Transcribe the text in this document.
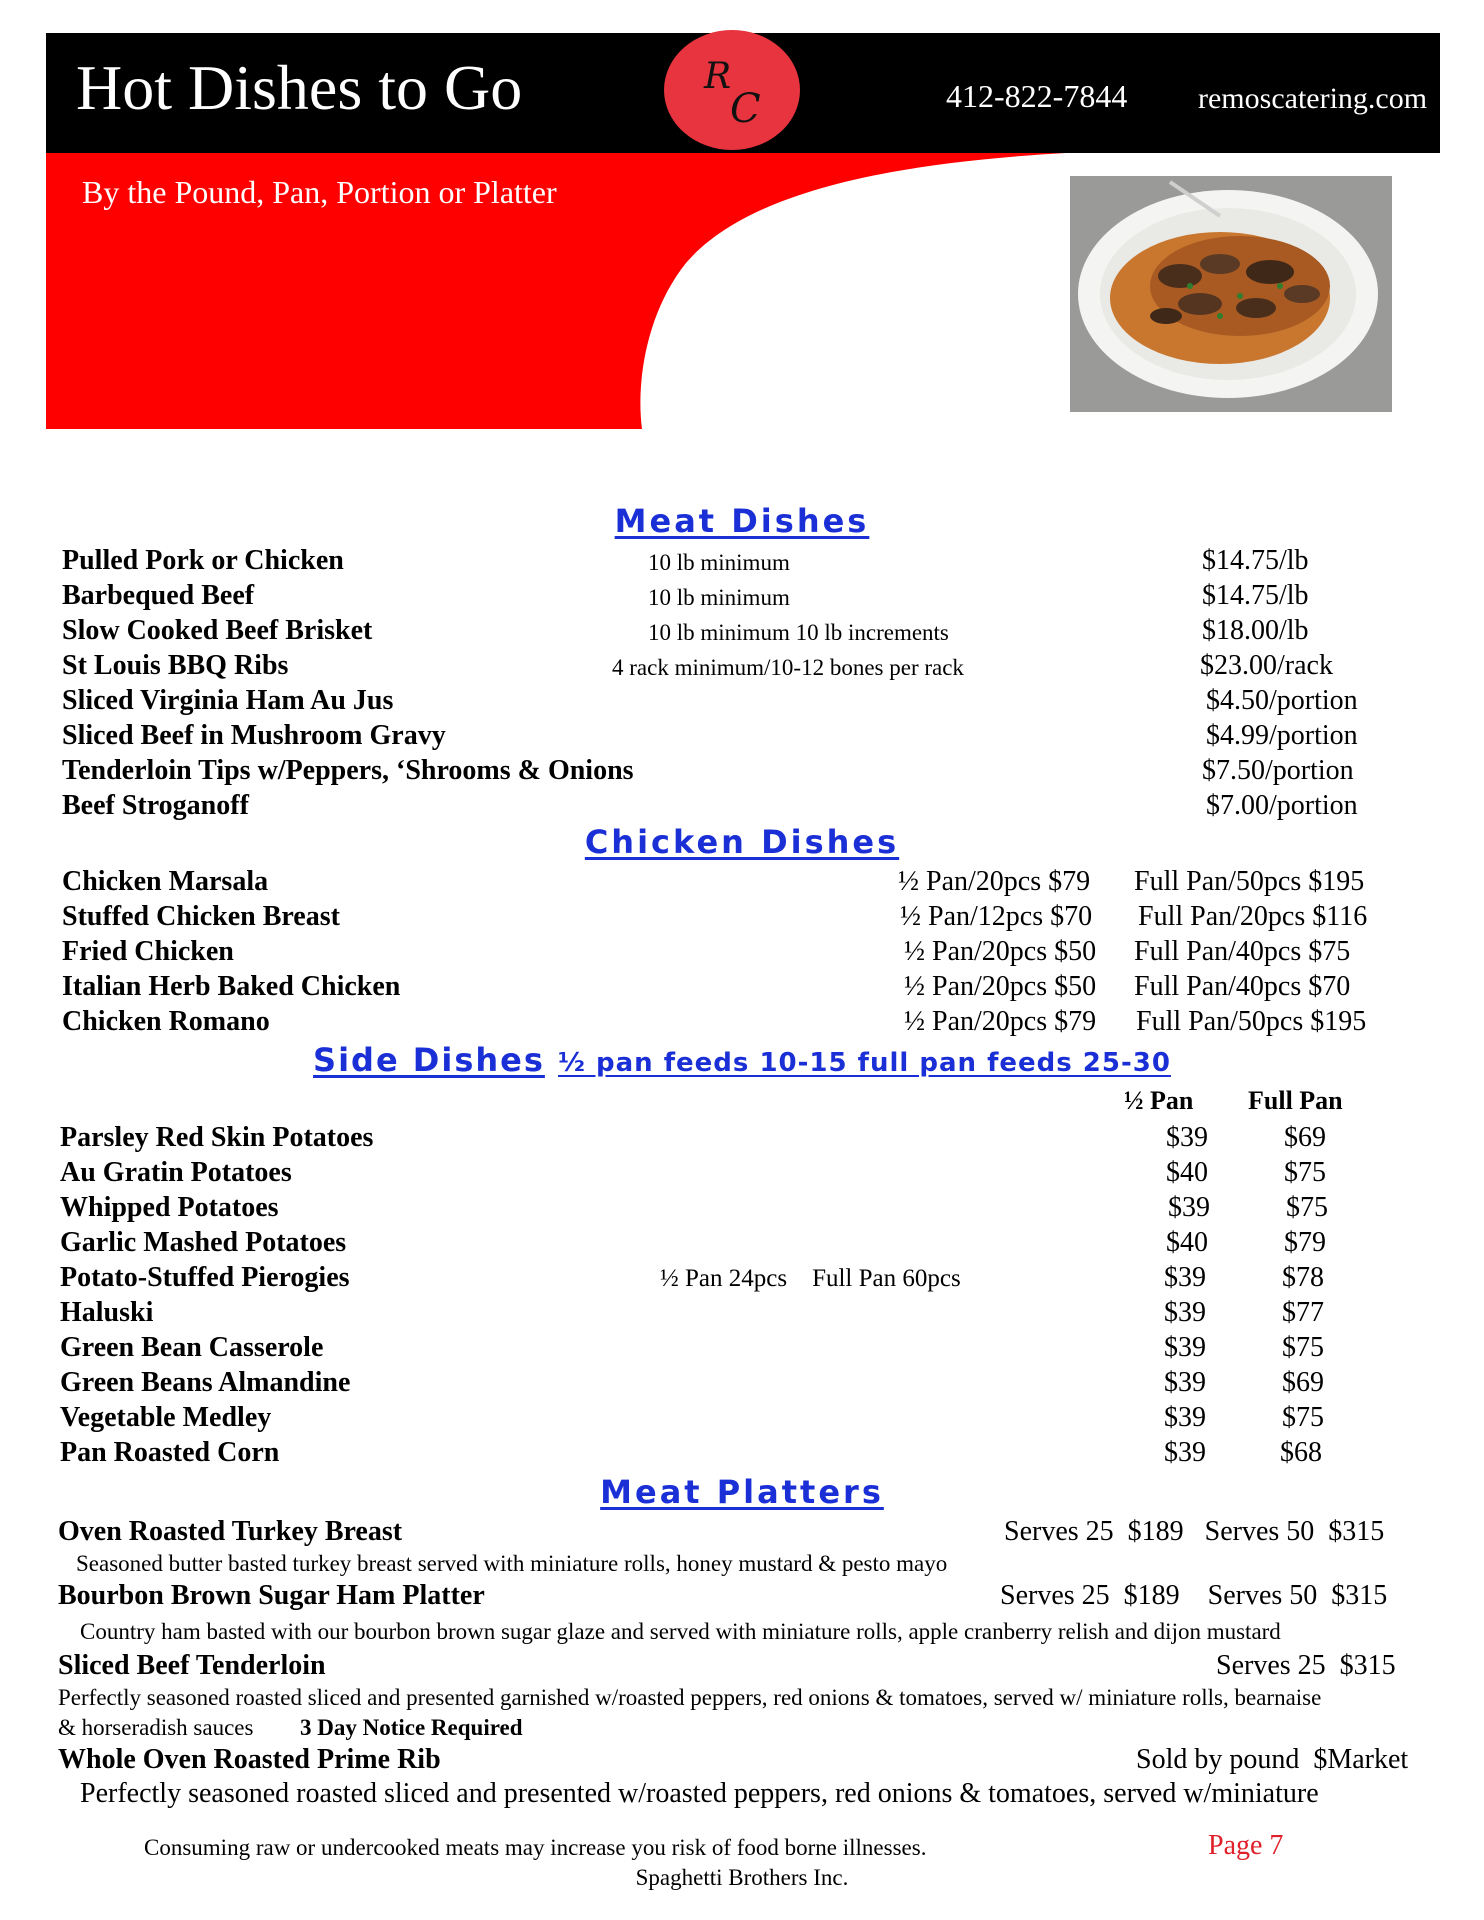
Hot Dishes to Go	R
C	412-822-7844 remoscatering.com
By the Pound, Pan, Portion or Platter
Meat Dishes
Pulled Pork or Chicken	10 lb minimum	$14.75/lb
Barbequed Beef	10 lb minimum	$14.75/lb
Slow Cooked Beef Brisket	10 lb minimum 10 lb increments	$18.00/lb
St Louis BBQ Ribs	4 rack minimum/10-12 bones per rack	$23.00/rack
Sliced Virginia Ham Au Jus	$4.50/portion
Sliced Beef in Mushroom Gravy	$4.99/portion
Tenderloin Tips w/Peppers, ‘Shrooms & Onions	$7.50/portion
Beef Stroganoff	$7.00/portion
Chicken Dishes
Chicken Marsala	½ Pan/20pcs $79 Full Pan/50pcs $195
Stuffed Chicken Breast	½ Pan/12pcs $70 Full Pan/20pcs $116
Fried Chicken	½ Pan/20pcs $50 Full Pan/40pcs $75
Italian Herb Baked Chicken	½ Pan/20pcs $50 Full Pan/40pcs $70
Chicken Romano	½ Pan/20pcs $79 Full Pan/50pcs $195
Side Dishes ½ pan feeds 10-15 full pan feeds 25-30
½ Pan Full Pan
Parsley Red Skin Potatoes	$39	$69
Au Gratin Potatoes	$40	$75
Whipped Potatoes	$39	$75
Garlic Mashed Potatoes	$40	$79
Potato-Stuffed Pierogies	½ Pan 24pcs    Full Pan 60pcs	$39	$78
Haluski	$39	$77
Green Bean Casserole	$39	$75
Green Beans Almandine	$39	$69
Vegetable Medley	$39	$75
Pan Roasted Corn	$39	$68
Meat Platters
Oven Roasted Turkey Breast	Serves 25  $189   Serves 50  $315
Seasoned butter basted turkey breast served with miniature rolls, honey mustard & pesto mayo
Bourbon Brown Sugar Ham Platter	Serves 25  $189    Serves 50  $315
Country ham basted with our bourbon brown sugar glaze and served with miniature rolls, apple cranberry relish and dijon mustard
Sliced Beef Tenderloin	Serves 25  $315
Perfectly seasoned roasted sliced and presented garnished w/roasted peppers, red onions & tomatoes, served w/ miniature rolls, bearnaise
& horseradish sauces 3 Day Notice Required
Whole Oven Roasted Prime Rib	Sold by pound  $Market
Perfectly seasoned roasted sliced and presented w/roasted peppers, red onions & tomatoes, served w/miniature
Consuming raw or undercooked meats may increase you risk of food borne illnesses.	Page 7
Spaghetti Brothers Inc.
